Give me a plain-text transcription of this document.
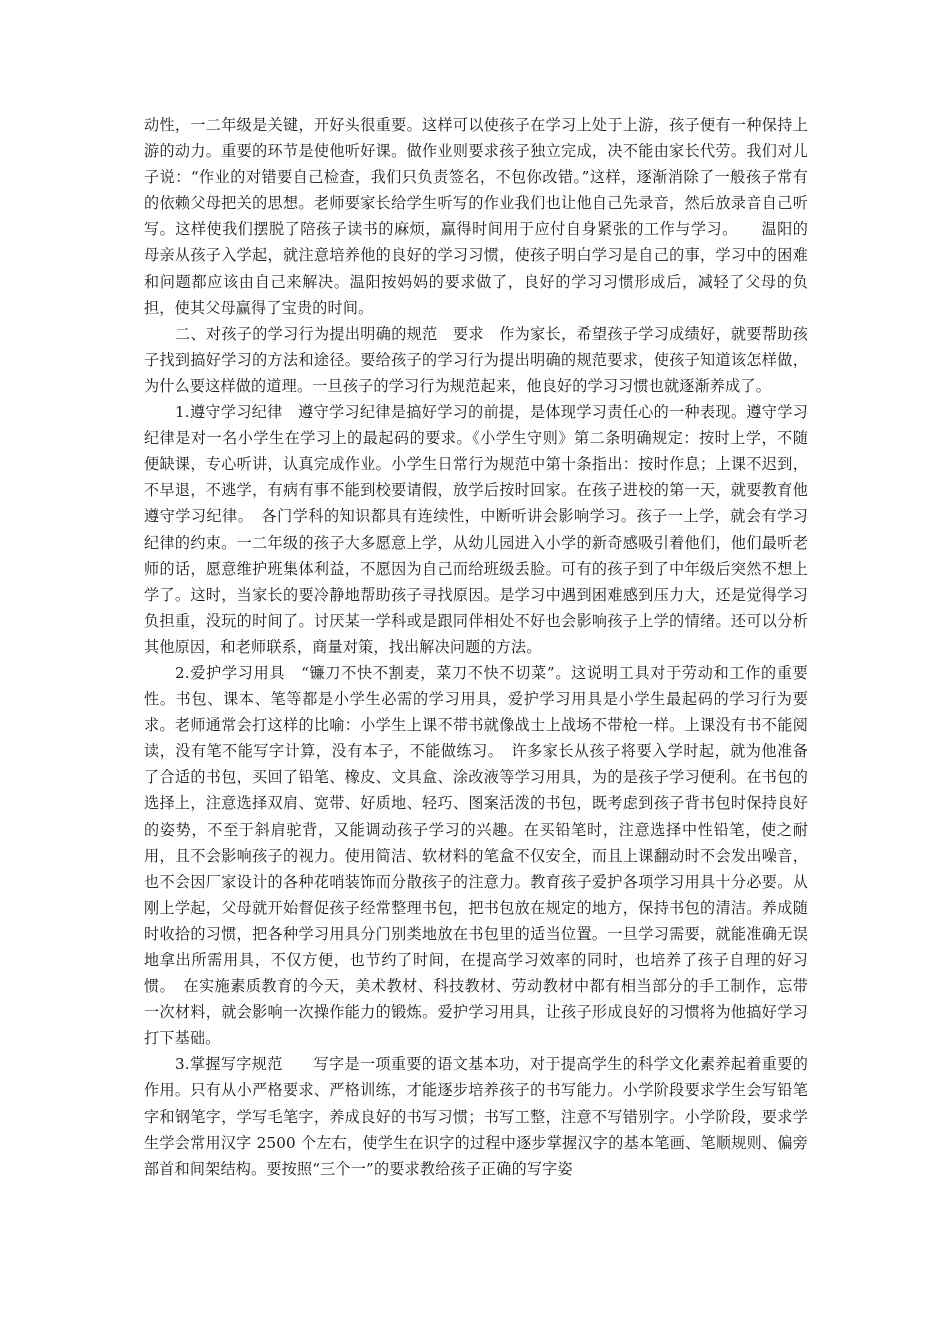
动性，一二年级是关键，开好头很重要。这样可以使孩子在学习上处于上游，孩子便有一种保持上游的动力。重要的环节是使他听好课。做作业则要求孩子独立完成，决不能由家长代劳。我们对儿子说：“作业的对错要自己检查，我们只负责签名，不包你改错。”这样，逐渐消除了一般孩子常有的依赖父母把关的思想。老师要家长给学生听写的作业我们也让他自己先录音，然后放录音自己听写。这样使我们摆脱了陪孩子读书的麻烦，赢得时间用于应付自身紧张的工作与学习。　　温阳的母亲从孩子入学起，就注意培养他的良好的学习习惯，使孩子明白学习是自己的事，学习中的困难和问题都应该由自己来解决。温阳按妈妈的要求做了，良好的学习习惯形成后，减轻了父母的负担，使其父母赢得了宝贵的时间。

二、对孩子的学习行为提出明确的规范　要求　作为家长，希望孩子学习成绩好，就要帮助孩子找到搞好学习的方法和途径。要给孩子的学习行为提出明确的规范要求，使孩子知道该怎样做，为什么要这样做的道理。一旦孩子的学习行为规范起来，他良好的学习习惯也就逐渐养成了。

1.遵守学习纪律　遵守学习纪律是搞好学习的前提，是体现学习责任心的一种表现。遵守学习纪律是对一名小学生在学习上的最起码的要求。《小学生守则》第二条明确规定：按时上学，不随便缺课，专心听讲，认真完成作业。小学生日常行为规范中第十条指出：按时作息；上课不迟到，不早退，不逃学，有病有事不能到校要请假，放学后按时回家。在孩子进校的第一天，就要教育他遵守学习纪律。　各门学科的知识都具有连续性，中断听讲会影响学习。孩子一上学，就会有学习纪律的约束。一二年级的孩子大多愿意上学，从幼儿园进入小学的新奇感吸引着他们，他们最听老师的话，愿意维护班集体利益，不愿因为自己而给班级丢脸。可有的孩子到了中年级后突然不想上学了。这时，当家长的要冷静地帮助孩子寻找原因。是学习中遇到困难感到压力大，还是觉得学习负担重，没玩的时间了。讨厌某一学科或是跟同伴相处不好也会影响孩子上学的情绪。还可以分析其他原因，和老师联系，商量对策，找出解决问题的方法。

2.爱护学习用具　“镰刀不快不割麦，菜刀不快不切菜”。这说明工具对于劳动和工作的重要性。书包、课本、笔等都是小学生必需的学习用具，爱护学习用具是小学生最起码的学习行为要求。老师通常会打这样的比喻：小学生上课不带书就像战士上战场不带枪一样。上课没有书不能阅读，没有笔不能写字计算，没有本子，不能做练习。　许多家长从孩子将要入学时起，就为他准备了合适的书包，买回了铅笔、橡皮、文具盒、涂改液等学习用具，为的是孩子学习便利。在书包的选择上，注意选择双肩、宽带、好质地、轻巧、图案活泼的书包，既考虑到孩子背书包时保持良好的姿势，不至于斜肩驼背，又能调动孩子学习的兴趣。在买铅笔时，注意选择中性铅笔，使之耐用，且不会影响孩子的视力。使用简洁、软材料的笔盒不仅安全，而且上课翻动时不会发出噪音，也不会因厂家设计的各种花哨装饰而分散孩子的注意力。教育孩子爱护各项学习用具十分必要。从刚上学起，父母就开始督促孩子经常整理书包，把书包放在规定的地方，保持书包的清洁。养成随时收拾的习惯，把各种学习用具分门别类地放在书包里的适当位置。一旦学习需要，就能准确无误地拿出所需用具，不仅方便，也节约了时间，在提高学习效率的同时，也培养了孩子自理的好习惯。　在实施素质教育的今天，美术教材、科技教材、劳动教材中都有相当部分的手工制作，忘带一次材料，就会影响一次操作能力的锻炼。爱护学习用具，让孩子形成良好的习惯将为他搞好学习打下基础。

3.掌握写字规范　　写字是一项重要的语文基本功，对于提高学生的科学文化素养起着重要的作用。只有从小严格要求、严格训练，才能逐步培养孩子的书写能力。小学阶段要求学生会写铅笔字和钢笔字，学写毛笔字，养成良好的书写习惯；书写工整，注意不写错别字。小学阶段，要求学生学会常用汉字 2500 个左右，使学生在识字的过程中逐步掌握汉字的基本笔画、笔顺规则、偏旁部首和间架结构。要按照“三个一”的要求教给孩子正确的写字姿
